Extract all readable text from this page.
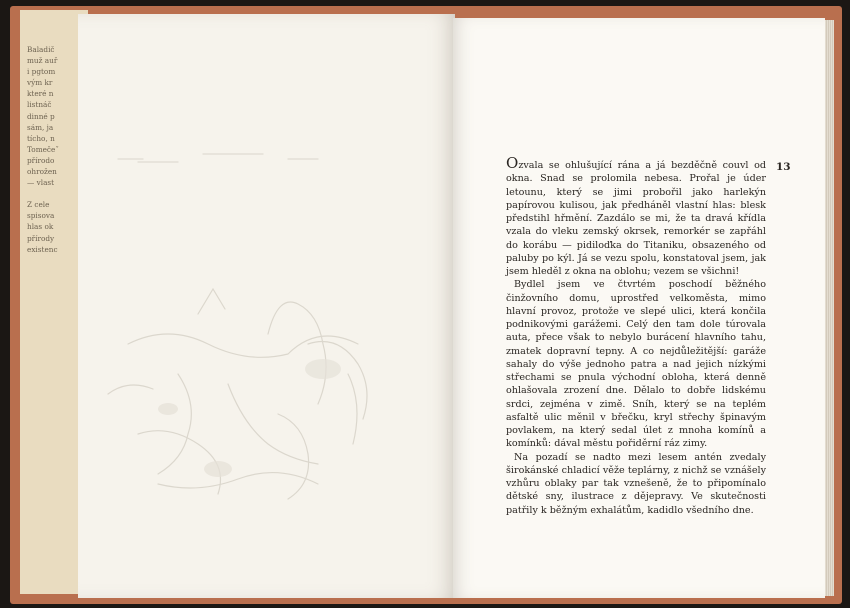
Baladič
muž auř
i pgtom
vým kr
které n
listnáč
dinné p
sám, ja
tícho, n
Tomečeˇ
přírodo
ohrožen
— vlast
Z cele
spisova
hlas ok
přírody
existenc

Ozvala se ohlušující rána a já bezděčně couvl od okna. Snad se prolomila nebesa. Prořal je úder letounu, který se jimi probořil jako harlekýn papírovou kulisou, jak předháněl vlastní hlas: blesk předstihl hřmění. Zazdálo se mi, že ta dravá křídla vzala do vleku zemský okrsek, remorkér se zapřáhl do korábu — pidiloďka do Titaniku, obsazeného od paluby po kýl. Já se vezu spolu, konstatoval jsem, jak jsem hleděl z okna na oblohu; vezem se všichni!

Bydlel jsem ve čtvrtém poschodí běžného činžovního domu, uprostřed velkoměsta, mimo hlavní provoz, protože ve slepé ulici, která končila podnikovými garážemi. Celý den tam dole túrovala auta, přece však to nebylo burácení hlavního tahu, zmatek dopravní tepny. A co nejdůležitější: garáže sahaly do výše jednoho patra a nad jejich nízkými střechami se pnula východní obloha, která denně ohlašovala zrození dne. Dělalo to dobře lidskému srdci, zejména v zimě. Sníh, který se na teplém asfaltě ulic měnil v břečku, kryl střechy špinavým povlakem, na který sedal úlet z mnoha komínů a komínků: dával městu pořiděrní ráz zimy.

Na pozadí se nadto mezi lesem antén zvedaly širokánské chladicí věže teplárny, z nichž se vznášely vzhůru oblaky par tak vznešeně, že to připomínalo dětské sny, ilustrace z dějepravy. Ve skutečnosti patřily k běžným exhalátům, kadidlo všedního dne.

13
